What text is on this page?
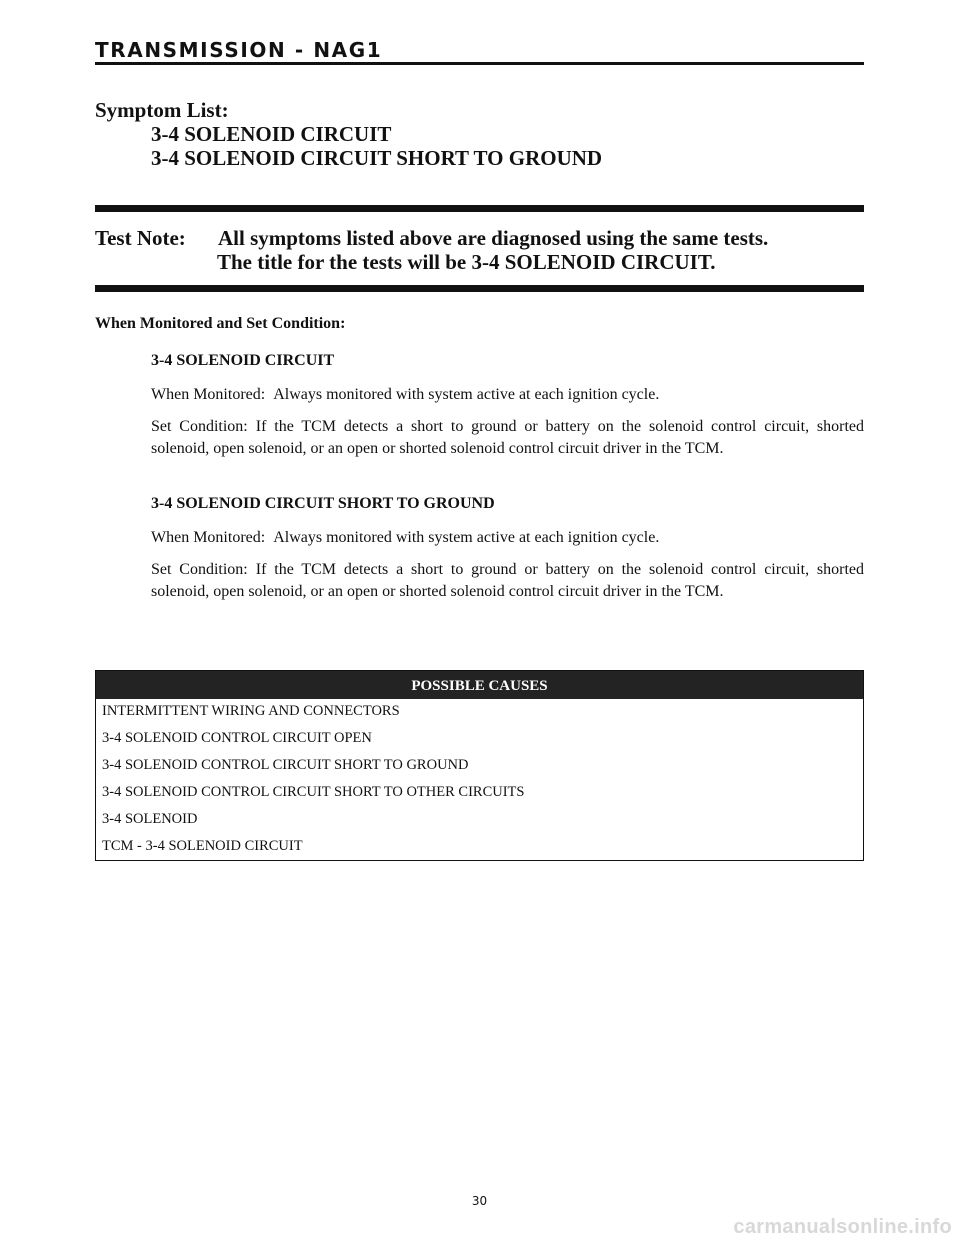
TRANSMISSION - NAG1
Symptom List:
3-4 SOLENOID CIRCUIT
3-4 SOLENOID CIRCUIT SHORT TO GROUND
Test Note: All symptoms listed above are diagnosed using the same tests.
The title for the tests will be 3-4 SOLENOID CIRCUIT.
When Monitored and Set Condition:
3-4 SOLENOID CIRCUIT
When Monitored: Always monitored with system active at each ignition cycle.
Set Condition: If the TCM detects a short to ground or battery on the solenoid control circuit, shorted solenoid, open solenoid, or an open or shorted solenoid control circuit driver in the TCM.
3-4 SOLENOID CIRCUIT SHORT TO GROUND
When Monitored: Always monitored with system active at each ignition cycle.
Set Condition: If the TCM detects a short to ground or battery on the solenoid control circuit, shorted solenoid, open solenoid, or an open or shorted solenoid control circuit driver in the TCM.
POSSIBLE CAUSES
INTERMITTENT WIRING AND CONNECTORS
3-4 SOLENOID CONTROL CIRCUIT OPEN
3-4 SOLENOID CONTROL CIRCUIT SHORT TO GROUND
3-4 SOLENOID CONTROL CIRCUIT SHORT TO OTHER CIRCUITS
3-4 SOLENOID
TCM - 3-4 SOLENOID CIRCUIT
30
carmanualsonline.info
